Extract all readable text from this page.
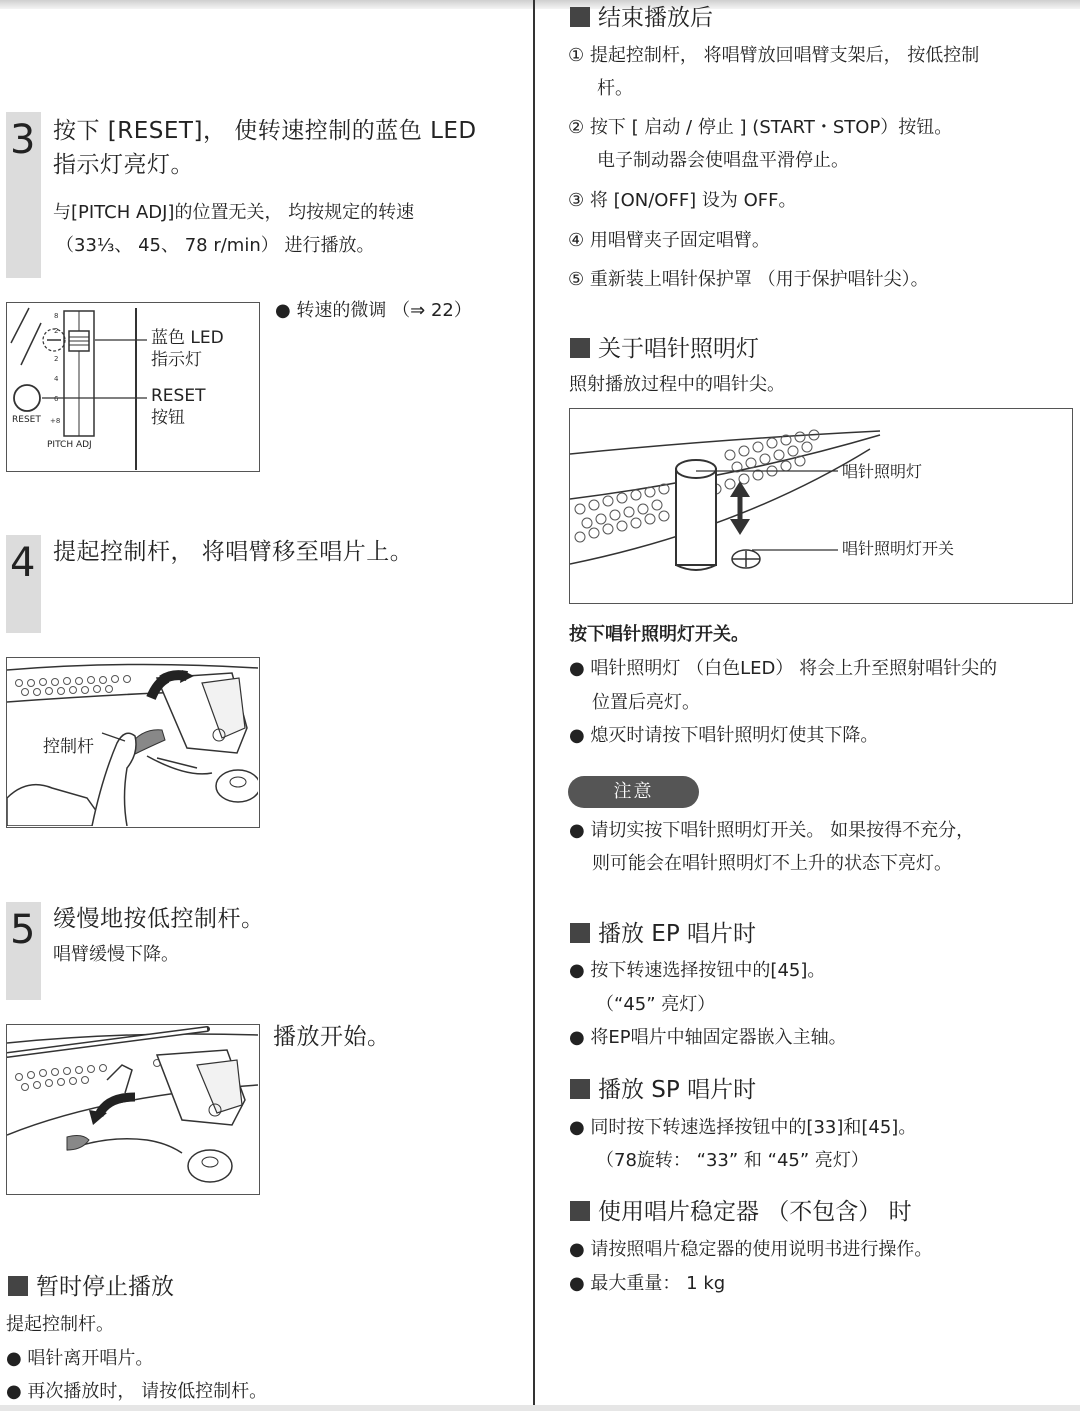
3 按下 [RESET]， 使转速控制的蓝色 LED
指示灯亮灯。
与[PITCH ADJ]的位置无关， 均按规定的转速
（33⅓、 45、 78 r/min） 进行播放。
8
2
2
4
6
+8
RESET
PITCH ADJ
蓝色 LED
指示灯
RESET
按钮
● 转速的微调 （⇒ 22）
4 提起控制杆， 将唱臂移至唱片上。
控制杆
5 缓慢地按低控制杆。
唱臂缓慢下降。
播放开始。
暂时停止播放
提起控制杆。
● 唱针离开唱片。
● 再次播放时， 请按低控制杆。
结束播放后
① 提起控制杆， 将唱臂放回唱臂支架后， 按低控制
杆。
② 按下 [ 启动 / 停止 ] (START・STOP）按钮。
电子制动器会使唱盘平滑停止。
③ 将 [ON/OFF] 设为 OFF。
④ 用唱臂夹子固定唱臂。
⑤ 重新装上唱针保护罩 （用于保护唱针尖）。
关于唱针照明灯
照射播放过程中的唱针尖。
唱针照明灯
唱针照明灯开关
按下唱针照明灯开关。
● 唱针照明灯 （白色LED） 将会上升至照射唱针尖的
位置后亮灯。
● 熄灭时请按下唱针照明灯使其下降。
注意
● 请切实按下唱针照明灯开关。 如果按得不充分，
则可能会在唱针照明灯不上升的状态下亮灯。
播放 EP 唱片时
● 按下转速选择按钮中的[45]。
（“45” 亮灯）
● 将EP唱片中轴固定器嵌入主轴。
播放 SP 唱片时
● 同时按下转速选择按钮中的[33]和[45]。
（78旋转： “33” 和 “45” 亮灯）
使用唱片稳定器 （不包含） 时
● 请按照唱片稳定器的使用说明书进行操作。
● 最大重量： 1 kg
